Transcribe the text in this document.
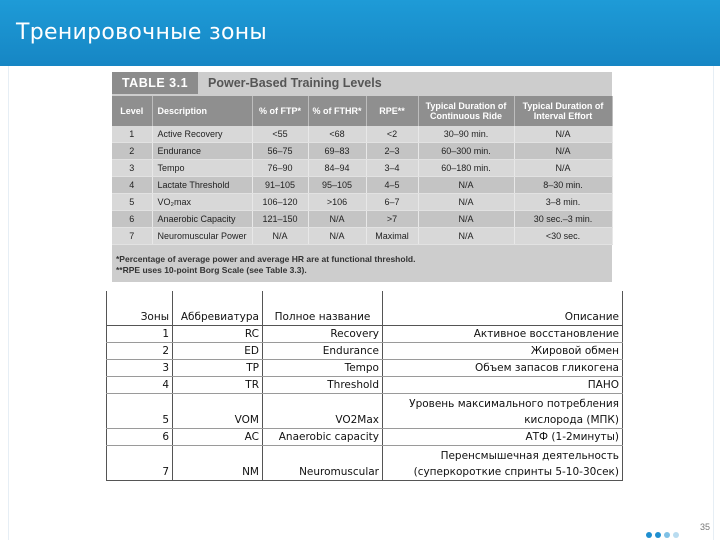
Тренировочные зоны
TABLE 3.1	Power-Based Training Levels
Level	Description	% of FTP*	% of FTHR*	RPE**	Typical Duration of Continuous Ride	Typical Duration of Interval Effort
1	Active Recovery	<55	<68	<2	30–90 min.	N/A
2	Endurance	56–75	69–83	2–3	60–300 min.	N/A
3	Tempo	76–90	84–94	3–4	60–180 min.	N/A
4	Lactate Threshold	91–105	95–105	4–5	N/A	8–30 min.
5	VO₂max	106–120	>106	6–7	N/A	3–8 min.
6	Anaerobic Capacity	121–150	N/A	>7	N/A	30 sec.–3 min.
7	Neuromuscular Power	N/A	N/A	Maximal	N/A	<30 sec.
*Percentage of average power and average HR are at functional threshold.
**RPE uses 10-point Borg Scale (see Table 3.3).
Зоны	Аббревиатура	Полное название	Описание
1	RC	Recovery	Активное восстановление

2	ED	Endurance	Жировой обмен

3	TP	Tempo	Объем запасов гликогена

4	TR	Threshold	ПАНО

5	VOM	VO2Max	Уровень максимального потребления
кислорода (МПК)

6	AC	Anaerobic capacity	АТФ (1-2минуты)

7	NM	Neuromuscular	Перенсмышечная деятельность
(суперкороткие спринты 5-10-30сек)
35
